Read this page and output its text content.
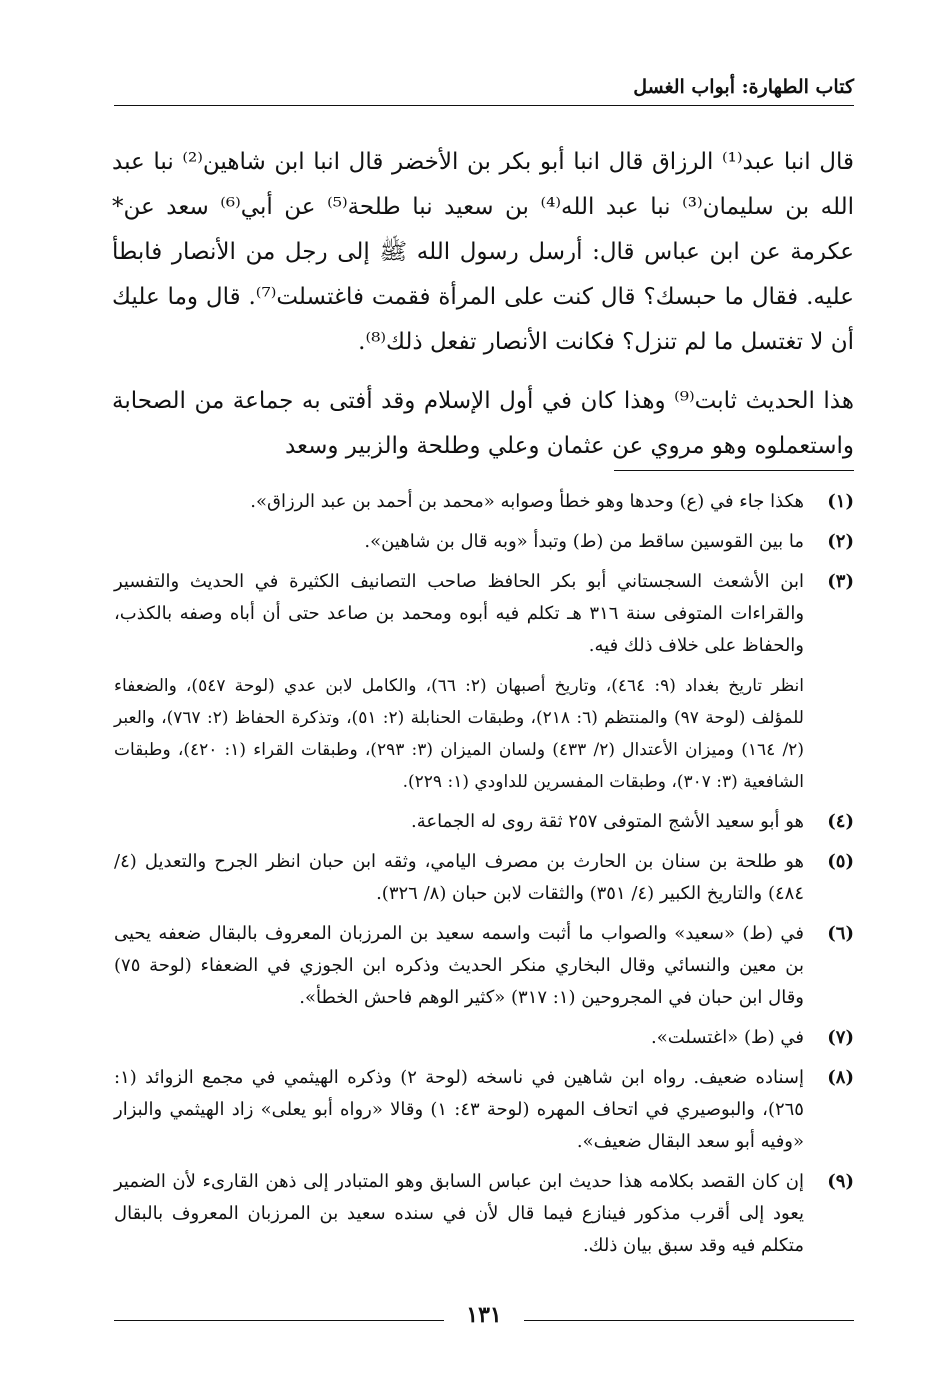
كتاب الطهارة: أبواب الغسل

قال انبا عبد⁽¹⁾ الرزاق قال انبا أبو بكر بن الأخضر قال انبا ابن شاهين⁽²⁾ نبا عبد الله بن سليمان⁽³⁾ نبا عبد الله⁽⁴⁾ بن سعيد نبا طلحة⁽⁵⁾ عن أبي⁽⁶⁾ سعد عن* عكرمة عن ابن عباس قال: أرسل رسول الله ﷺ إلى رجل من الأنصار فابطأ عليه. فقال ما حبسك؟ قال كنت على المرأة فقمت فاغتسلت⁽⁷⁾. قال وما عليك أن لا تغتسل ما لم تنزل؟ فكانت الأنصار تفعل ذلك⁽⁸⁾.

هذا الحديث ثابت⁽⁹⁾ وهذا كان في أول الإسلام وقد أفتى به جماعة من الصحابة واستعملوه وهو مروي عن عثمان وعلي وطلحة والزبير وسعد

(١)

هكذا جاء في (ع) وحدها وهو خطأ وصوابه «محمد بن أحمد بن عبد الرزاق».

(٢)

ما بين القوسين ساقط من (ط) وتبدأ «وبه قال بن شاهين».

(٣)

ابن الأشعث السجستاني أبو بكر الحافظ صاحب التصانيف الكثيرة في الحديث والتفسير والقراءات المتوفى سنة ٣١٦ هـ تكلم فيه أبوه ومحمد بن صاعد حتى أن أباه وصفه بالكذب، والحفاظ على خلاف ذلك فيه.

انظر تاريخ بغداد (٩: ٤٦٤)، وتاريخ أصبهان (٢: ٦٦)، والكامل لابن عدي (لوحة ٥٤٧)، والضعفاء للمؤلف (لوحة ٩٧) والمنتظم (٦: ٢١٨)، وطبقات الحنابلة (٢: ٥١)، وتذكرة الحفاظ (٢: ٧٦٧)، والعبر (٢/ ١٦٤) وميزان الأعتدال (٢/ ٤٣٣) ولسان الميزان (٣: ٢٩٣)، وطبقات القراء (١: ٤٢٠)، وطبقات الشافعية (٣: ٣٠٧)، وطبقات المفسرين للداودي (١: ٢٢٩).

(٤)

هو أبو سعيد الأشج المتوفى ٢٥٧ ثقة روى له الجماعة.

(٥)

هو طلحة بن سنان بن الحارث بن مصرف اليامي، وثقه ابن حبان انظر الجرح والتعديل (٤/ ٤٨٤) والتاريخ الكبير (٤/ ٣٥١) والثقات لابن حبان (٨/ ٣٢٦).

(٦)

في (ط) «سعيد» والصواب ما أثبت واسمه سعيد بن المرزبان المعروف بالبقال ضعفه يحيى بن معين والنسائي وقال البخاري منكر الحديث وذكره ابن الجوزي في الضعفاء (لوحة ٧٥) وقال ابن حبان في المجروحين (١: ٣١٧) «كثير الوهم فاحش الخطأ».

(٧)

في (ط) «اغتسلت».

(٨)

إسناده ضعيف. رواه ابن شاهين في ناسخه (لوحة ٢) وذكره الهيثمي في مجمع الزوائد (١: ٢٦٥)، والبوصيري في اتحاف المهره (لوحة ٤٣: ١) وقالا «رواه أبو يعلى» زاد الهيثمي والبزار «وفيه أبو سعد البقال ضعيف».

(٩)

إن كان القصد بكلامه هذا حديث ابن عباس السابق وهو المتبادر إلى ذهن القارىء لأن الضمير يعود إلى أقرب مذكور فينازع فيما قال لأن في سنده سعيد بن المرزبان المعروف بالبقال متكلم فيه وقد سبق بيان ذلك.

١٣١
